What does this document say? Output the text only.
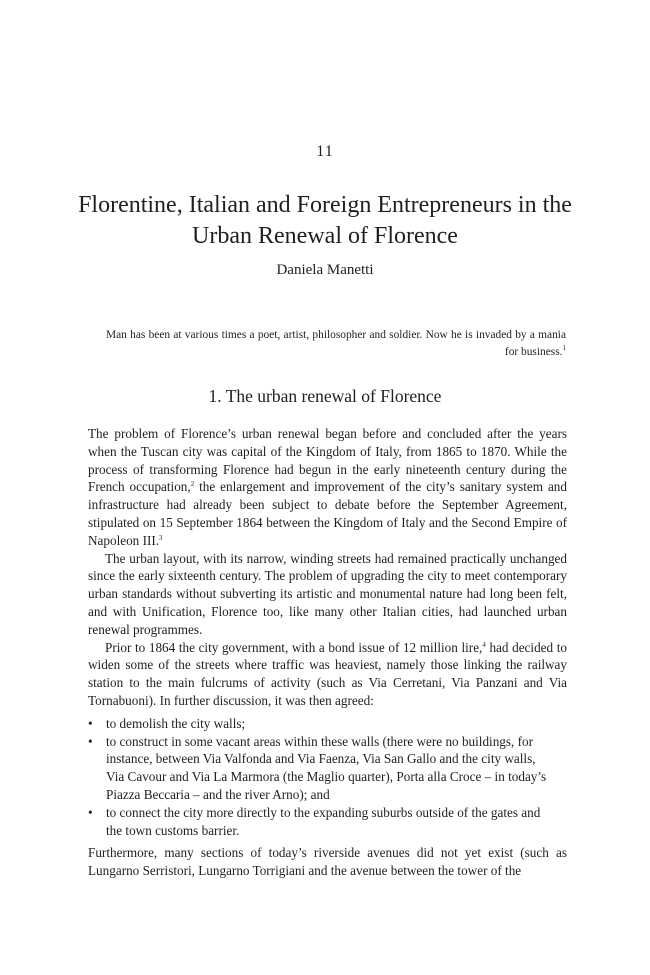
11
Florentine, Italian and Foreign Entrepreneurs in the Urban Renewal of Florence
Daniela Manetti
Man has been at various times a poet, artist, philosopher and soldier. Now he is invaded by a mania for business.$^1$
1. The urban renewal of Florence

The problem of Florence’s urban renewal began before and concluded after the years when the Tuscan city was capital of the Kingdom of Italy, from 1865 to 1870. While the process of transforming Florence had begun in the early nineteenth century during the French occupation,$^2$ the enlargement and improvement of the city’s sanitary system and infrastructure had already been subject to debate before the September Agreement, stipulated on 15 September 1864 between the Kingdom of Italy and the Second Empire of Napoleon III.$^3$

The urban layout, with its narrow, winding streets had remained practically unchanged since the early sixteenth century. The problem of upgrading the city to meet contemporary urban standards without subverting its artistic and monumental nature had long been felt, and with Unification, Florence too, like many other Italian cities, had launched urban renewal programmes.

Prior to 1864 the city government, with a bond issue of 12 million lire,$^4$ had decided to widen some of the streets where traffic was heaviest, namely those linking the railway station to the main fulcrums of activity (such as Via Cerretani, Via Panzani and Via Tornabuoni). In further discussion, it was then agreed:

• to demolish the city walls;
• to construct in some vacant areas within these walls (there were no buildings, for instance, between Via Valfonda and Via Faenza, Via San Gallo and the city walls, Via Cavour and Via La Marmora (the Maglio quarter), Porta alla Croce – in today’s Piazza Beccaria – and the river Arno); and
• to connect the city more directly to the expanding suburbs outside of the gates and the town customs barrier.

Furthermore, many sections of today’s riverside avenues did not yet exist (such as Lungarno Serristori, Lungarno Torrigiani and the avenue between the tower of the
